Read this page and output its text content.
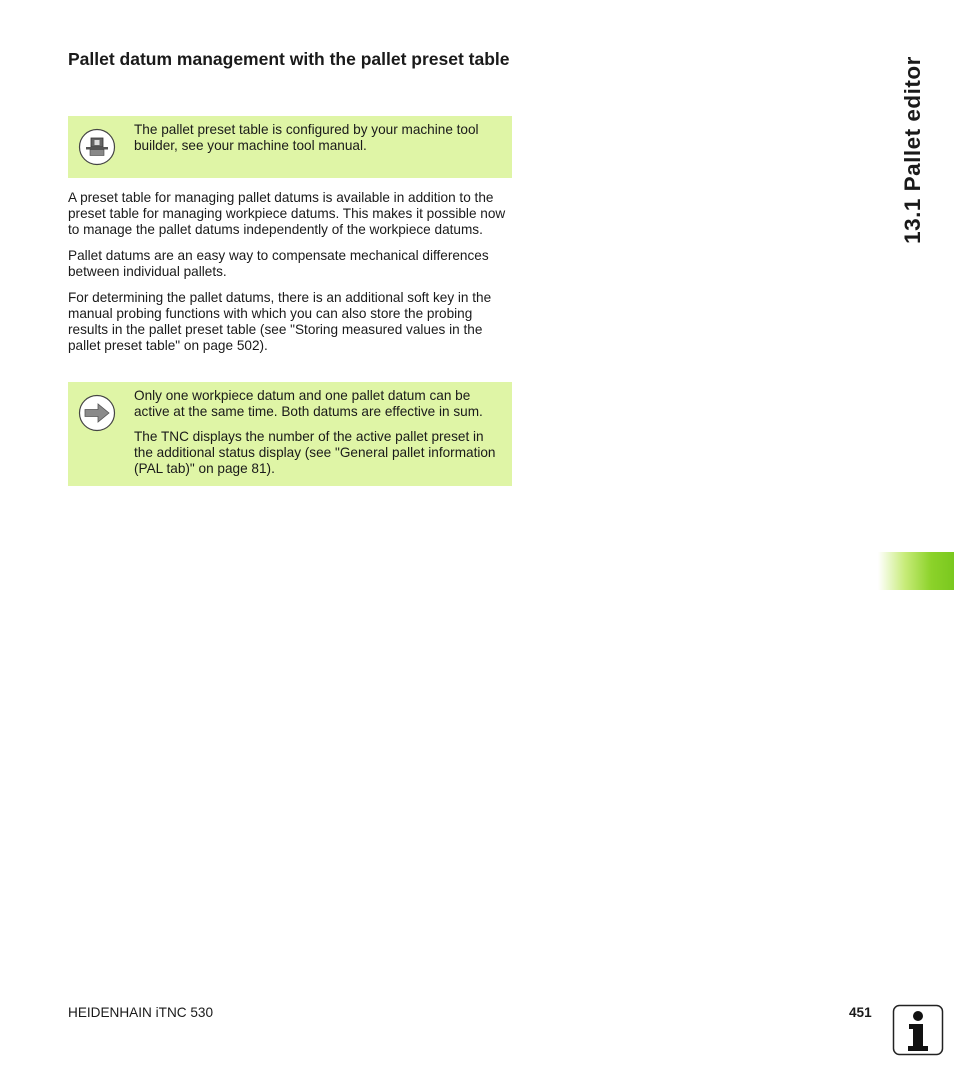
Pallet datum management with the pallet preset table

The pallet preset table is configured by your machine tool builder, see your machine tool manual.

A preset table for managing pallet datums is available in addition to the preset table for managing workpiece datums. This makes it possible now to manage the pallet datums independently of the workpiece datums.

Pallet datums are an easy way to compensate mechanical differences between individual pallets.

For determining the pallet datums, there is an additional soft key in the manual probing functions with which you can also store the probing results in the pallet preset table (see "Storing measured values in the pallet preset table" on page 502).

Only one workpiece datum and one pallet datum can be active at the same time. Both datums are effective in sum.

The TNC displays the number of the active pallet preset in the additional status display (see "General pallet information (PAL tab)" on page 81).

13.1 Pallet editor
HEIDENHAIN iTNC 530	451
